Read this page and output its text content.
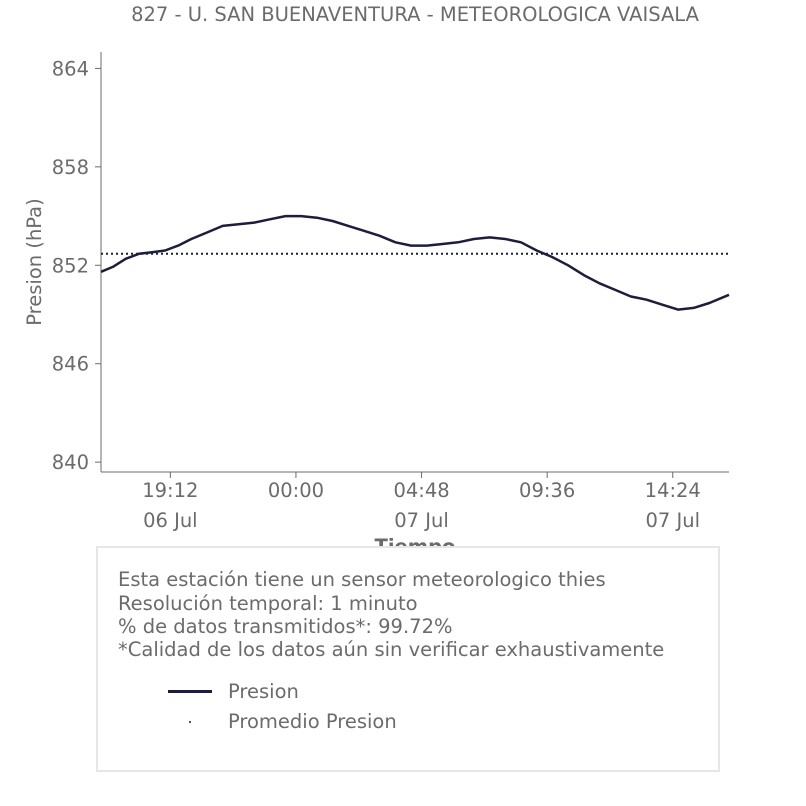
827 - U. SAN BUENAVENTURA - METEOROLOGICA VAISALA
840
846
852
858
864
19:12
06 Jul
00:00	04:48
07 Jul
09:36	14:24
07 Jul
Presion (hPa)
Esta estación tiene un sensor meteorologico thies
Resolución temporal: 1 minuto
% de datos transmitidos*: 99.72%
*Calidad de los datos aún sin verificar exhaustivamente
Presion
Promedio Presion
